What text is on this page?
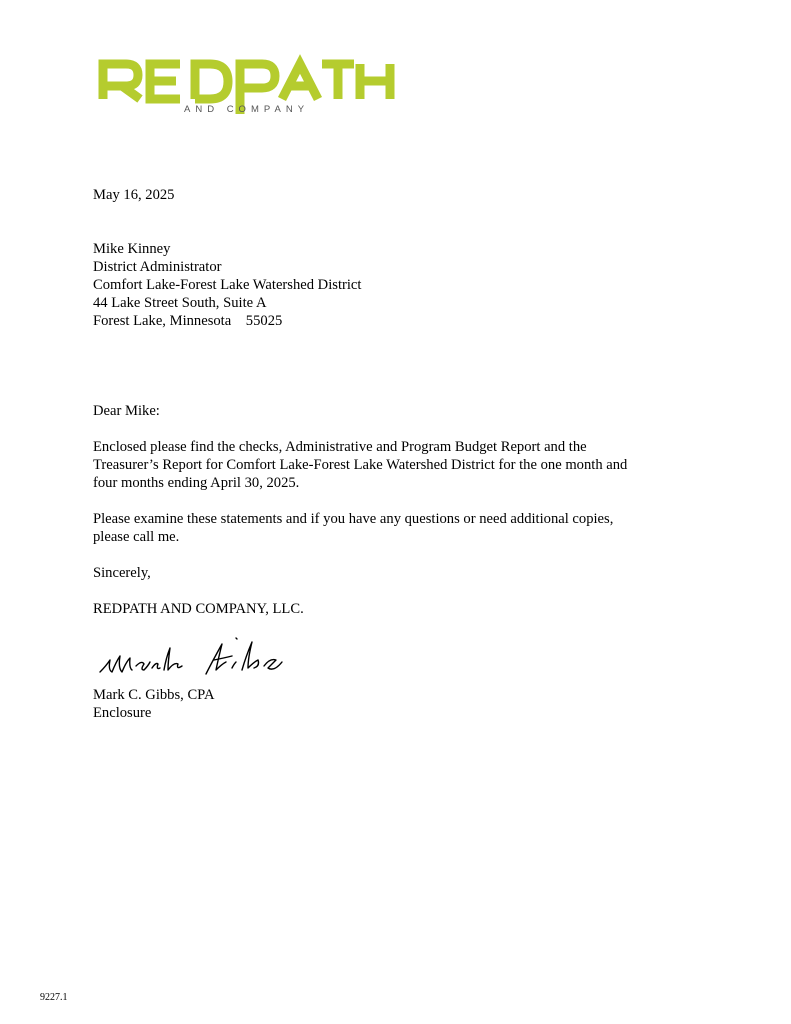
AND COMPANY
May 16, 2025
Mike Kinney
District Administrator
Comfort Lake-Forest Lake Watershed District
44 Lake Street South, Suite A
Forest Lake, Minnesota    55025
Dear Mike:
Enclosed please find the checks, Administrative and Program Budget Report and the
Treasurer’s Report for Comfort Lake-Forest Lake Watershed District for the one month and
four months ending April 30, 2025.
Please examine these statements and if you have any questions or need additional copies,
please call me.
Sincerely,
REDPATH AND COMPANY, LLC.
Mark C. Gibbs, CPA
Enclosure
9227.1
